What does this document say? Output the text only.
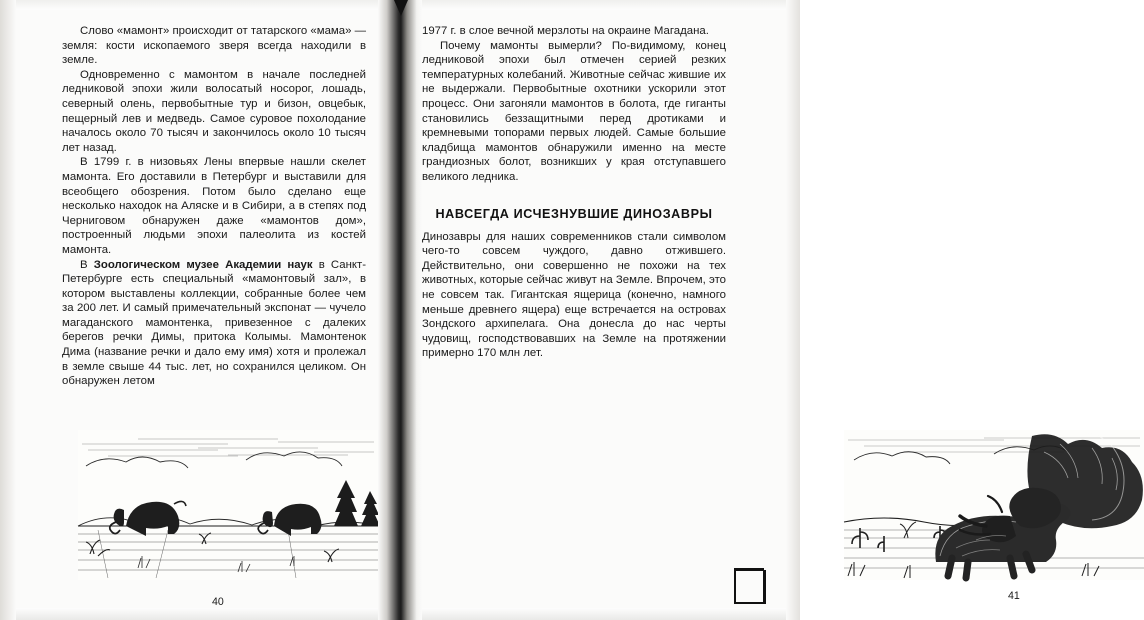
Слово «мамонт» происходит от татарского «мама» — земля: кости ископаемого зверя всегда находили в земле.

Одновременно с мамонтом в начале последней ледниковой эпохи жили волосатый носорог, лошадь, северный олень, первобытные тур и бизон, овцебык, пещерный лев и медведь. Самое суровое похолодание началось около 70 тысяч и закончилось около 10 тысяч лет назад.

В 1799 г. в низовьях Лены впервые нашли скелет мамонта. Его доставили в Петербург и выставили для всеобщего обозрения. Потом было сделано еще несколько находок на Аляске и в Сибири, а в степях под Черниговом обнаружен даже «мамонтов дом», построенный людьми эпохи палеолита из костей мамонта.

В Зоологическом музее Академии наук в Санкт-Петербурге есть специальный «мамонтовый зал», в котором выставлены коллекции, собранные более чем за 200 лет. И самый примечательный экспонат — чучело магаданского мамонтенка, привезенное с далеких берегов речки Димы, притока Колымы. Мамонтенок Дима (название речки и дало ему имя) хотя и пролежал в земле свыше 44 тыс. лет, но сохранился целиком. Он обнаружен летом

40

1977 г. в слое вечной мерзлоты на окраине Магадана.

Почему мамонты вымерли? По-видимому, конец ледниковой эпохи был отмечен серией резких температурных колебаний. Животные сейчас жившие их не выдержали. Первобытные охотники ускорили этот процесс. Они загоняли мамонтов в болота, где гиганты становились беззащитными перед дротиками и кремневыми топорами первых людей. Самые большие кладбища мамонтов обнаружили именно на месте грандиозных болот, возникших у края отступавшего великого ледника.

НАВСЕГДА ИСЧЕЗНУВШИЕ ДИНОЗАВРЫ

Динозавры для наших современников стали символом чего-то совсем чуждого, давно отжившего. Действительно, они совершенно не похожи на тех животных, которые сейчас живут на Земле. Впрочем, это не совсем так. Гигантская ящерица (конечно, намного меньше древнего ящера) еще встречается на островах Зондского архипелага. Она донесла до нас черты чудовищ, господствовавших на Земле на протяжении примерно 170 млн лет.

41
